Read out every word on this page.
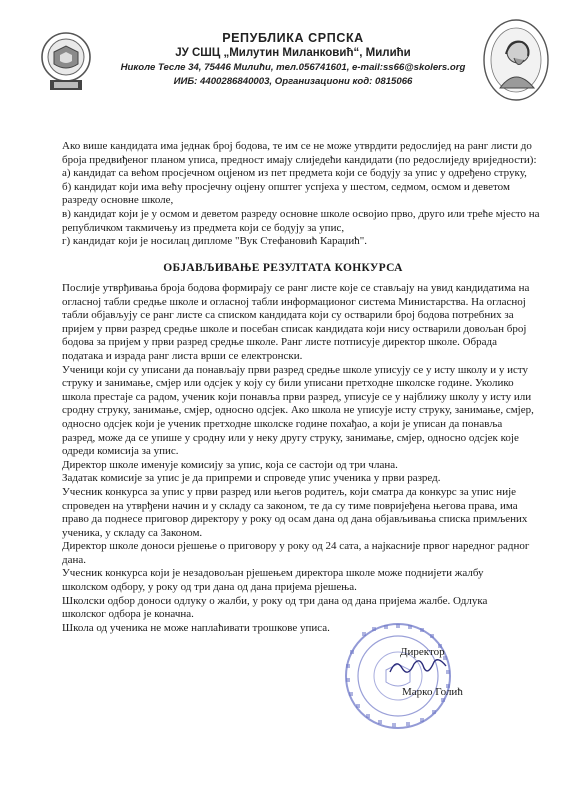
РЕПУБЛИКА СРПСКА
ЈУ СШЦ „Милутин Миланковић“, Милићи
Николе Тесле 34, 75446 Милићи, тел.056741601, e-mail:ss66@skolers.org
ИИБ: 4400286840003, Организациони код: 0815066
Ако више кандидата има једнак број бодова, те им се не може утврдити редослијед на ранг листи до
броја предвиђеног планом уписа, предност имају слиједећи кандидати (по редослиједу вриједности):
а) кандидат са већом просјечном оцјеном из пет предмета који се бодују за упис у одређено струку,
б) кандидат који има већу просјечну оцјену општег успјеха у шестом, седмом, осмом и деветом
разреду основне школе,
в) кандидат који је у осмом и деветом разреду основне школе освојио прво, друго или треће мјесто на
републичком такмичењу из предмета који се бодују за упис,
г) кандидат који је носилац дипломе "Вук Стефановић Караџић".
ОБЈАВЉИВАЊЕ РЕЗУЛТАТА КОНКУРСА
Послије утврђивања броја бодова формирају се ранг листе које се стављају на увид кандидатима на
огласној табли средње школе и огласној табли информационог система Министарства. На огласној
табли објављују се ранг листе са списком кандидата који су остварили број бодова потребних за
пријем у први разред средње школе и посебан списак кандидата који нису остварили довољан број
бодова за пријем у први разред средње школе. Ранг листе потписује директор школе. Обрада
података и израда ранг листа врши се електронски.
Ученици који су уписани да понављају први разред средње школе уписују се у исту школу и у исту
струку и занимање, смјер или одсјек у коју су били уписани претходне школске године. Уколико
школа престаје са радом, ученик који понавља први разред, уписује се у најближу школу у исту или
сродну струку, занимање, смјер, односно одсјек. Ако школа не уписује исту струку, занимање, смјер,
односно одсјек који је ученик претходне школске године похађао, а који је уписан да понавља
разред, може да се упише у сродну или у неку другу струку, занимање, смјер, односно одсјек које
одреди комисија за упис.
Директор школе именује комисију за упис, која се састоји од три члана.
Задатак комисије за упис је да припреми и спроведе упис ученика у први разред.
Учесник конкурса за упис у први разред или његов родитељ, који сматра да конкурс за упис није
спроведен на утврђени начин и у складу са законом, те да су тиме повријеђена његова права, има
право да поднесе приговор директору у року од осам дана од дана објављивања списка примљених
ученика, у складу са Законом.
Директор школе доноси рјешење о приговору у року од 24 сата, а најкасније првог наредног радног
дана.
Учесник конкурса који је незадовољан рјешењем директора школе може поднијети жалбу
школском одбору, у року од три дана од дана пријема рјешења.
Школски одбор доноси одлуку о жалби, у року од три дана од дана пријема жалбе. Одлука
школског одбора је коначна.
Школа од ученика не може наплаћивати трошкове уписа.
Директор
Марко Голић
